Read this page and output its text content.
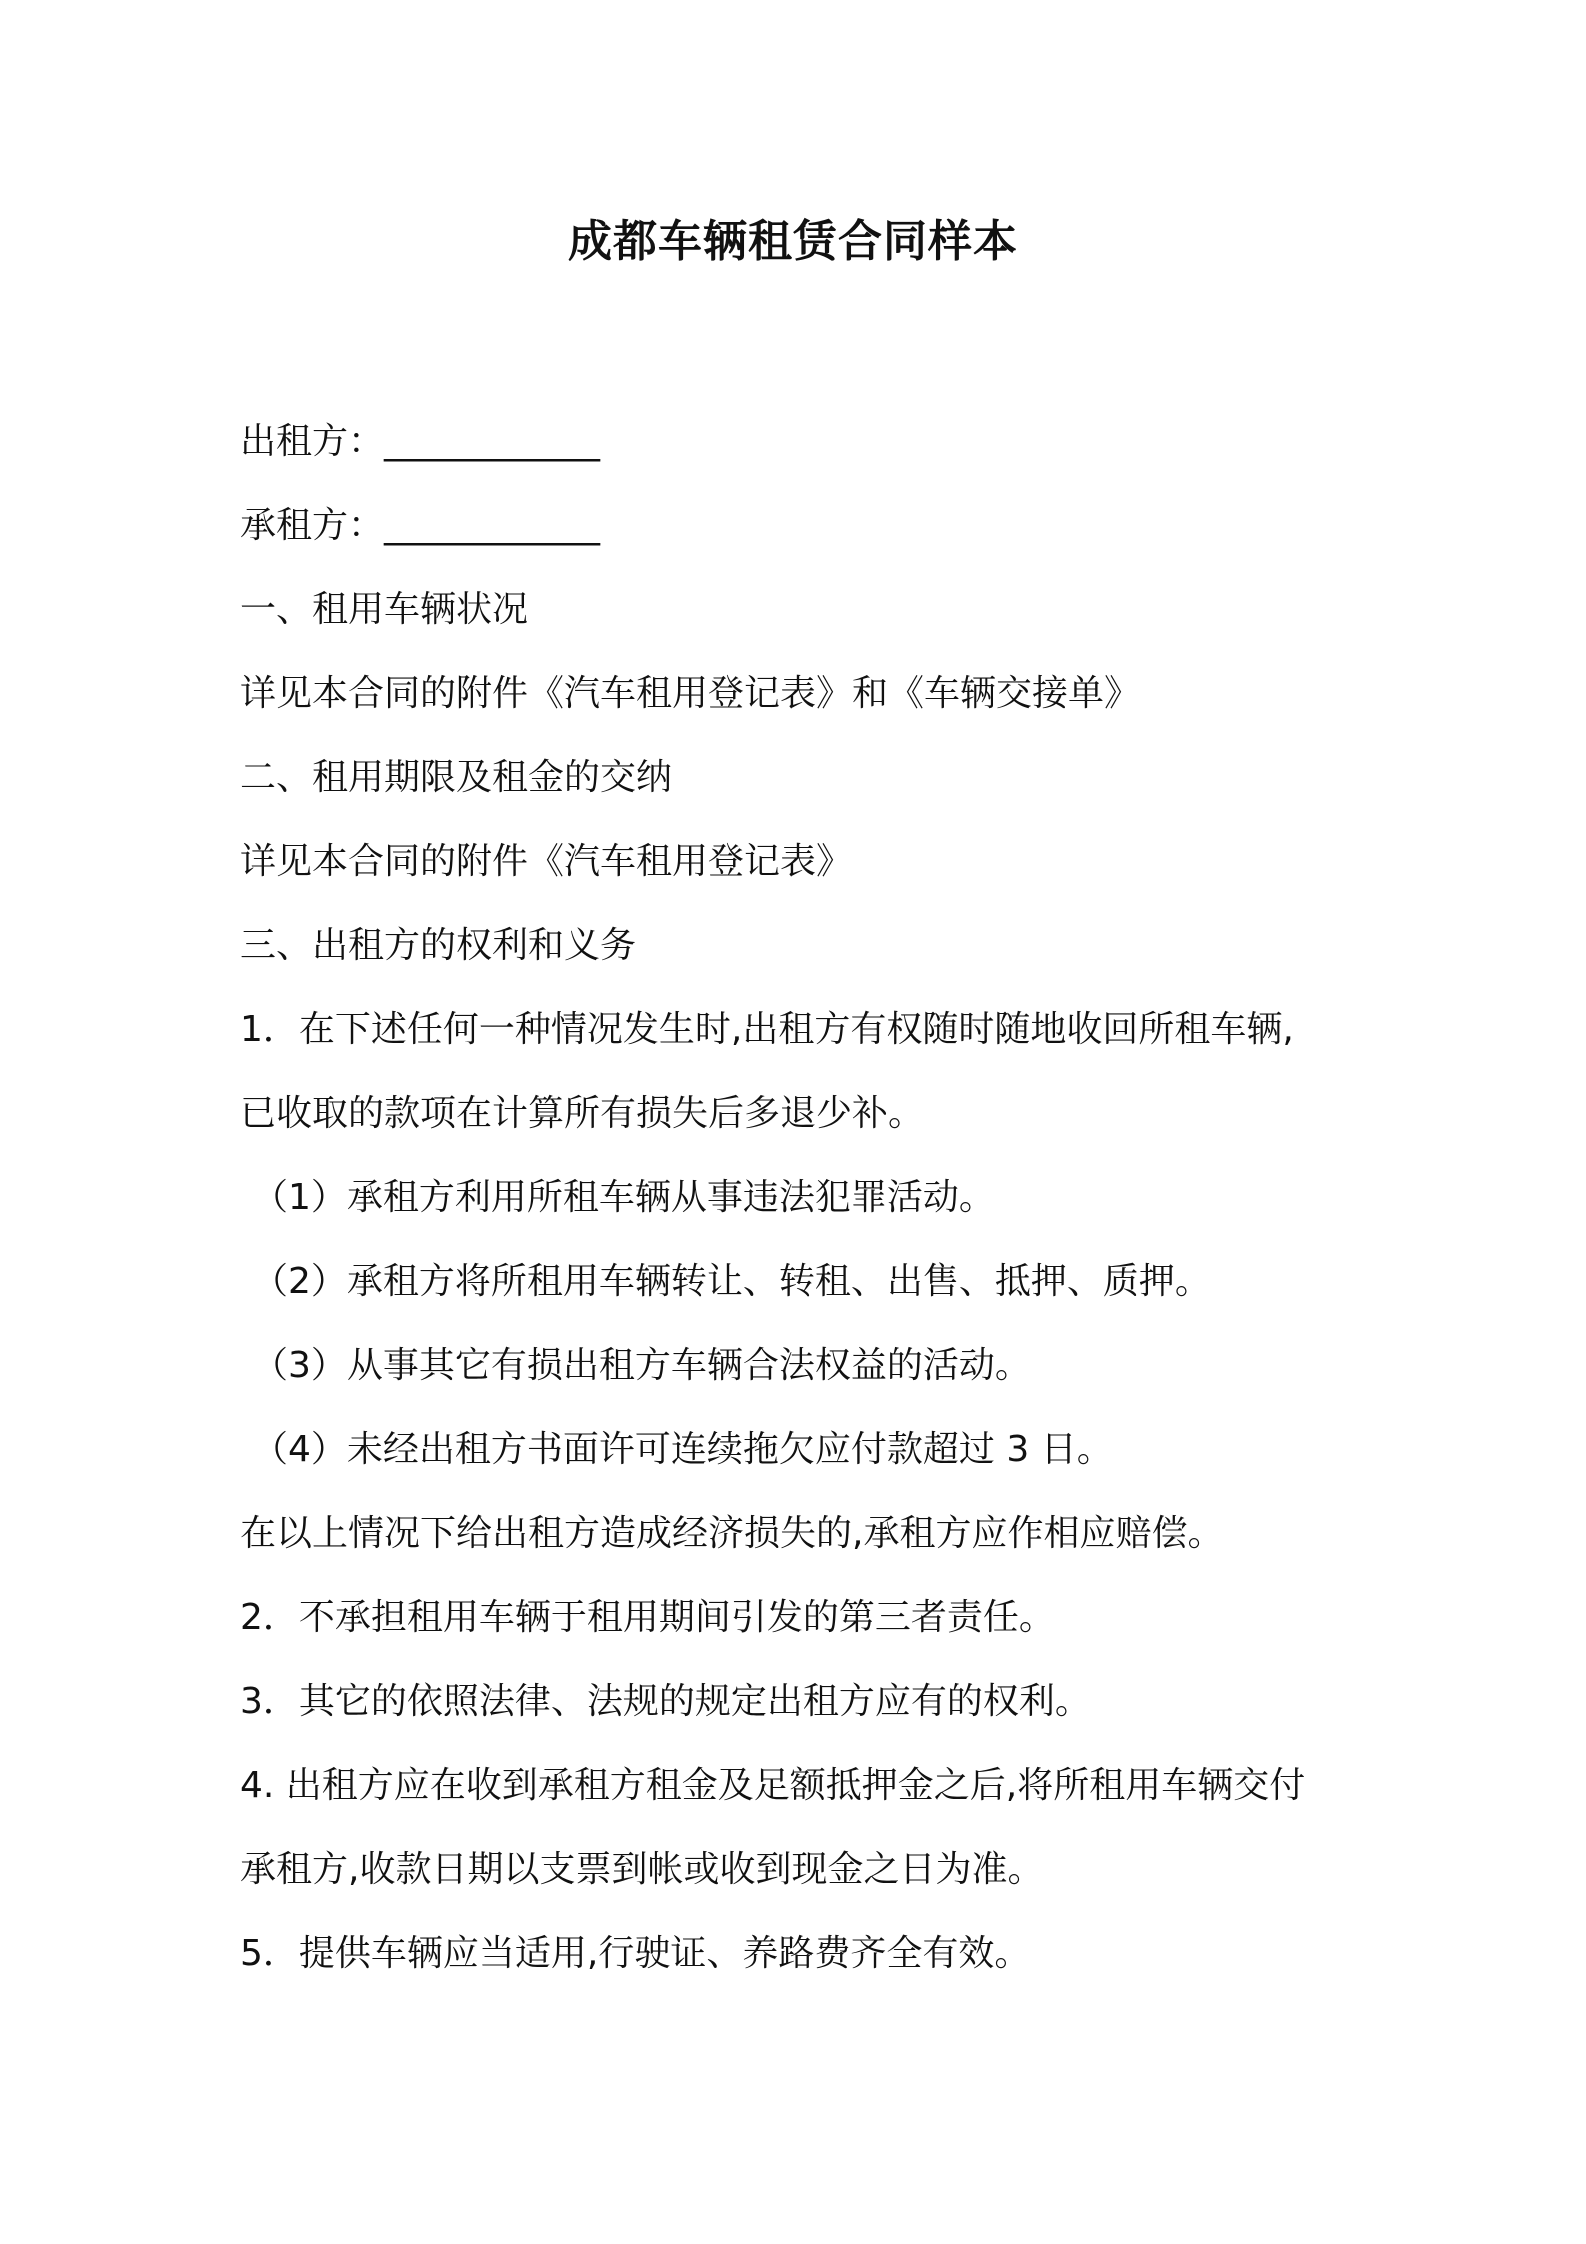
成都车辆租赁合同样本
出租方：____________
承租方：____________
一、租用车辆状况
详见本合同的附件《汽车租用登记表》和《车辆交接单》
二、租用期限及租金的交纳
详见本合同的附件《汽车租用登记表》
三、出租方的权利和义务
1．在下述任何一种情况发生时,出租方有权随时随地收回所租车辆,
已收取的款项在计算所有损失后多退少补。
（1）承租方利用所租车辆从事违法犯罪活动。
（2）承租方将所租用车辆转让、转租、出售、抵押、质押。
（3）从事其它有损出租方车辆合法权益的活动。
（4）未经出租方书面许可连续拖欠应付款超过 3 日。
在以上情况下给出租方造成经济损失的,承租方应作相应赔偿。
2．不承担租用车辆于租用期间引发的第三者责任。
3．其它的依照法律、法规的规定出租方应有的权利。
4. 出租方应在收到承租方租金及足额抵押金之后,将所租用车辆交付
承租方,收款日期以支票到帐或收到现金之日为准。
5．提供车辆应当适用,行驶证、养路费齐全有效。
